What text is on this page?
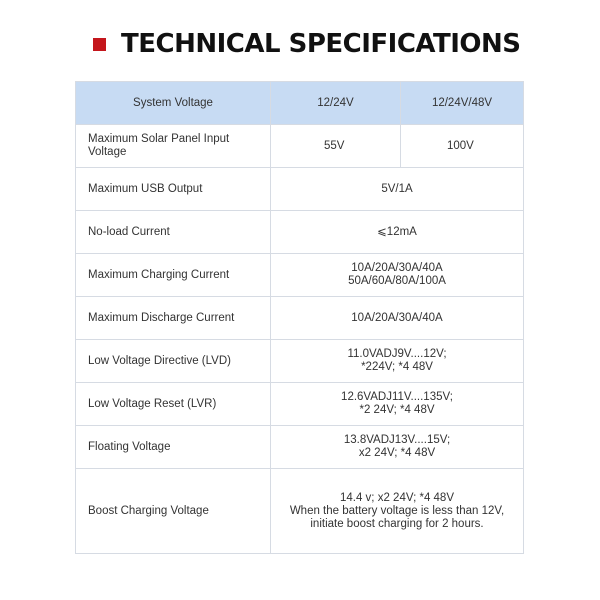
TECHNICAL SPECIFICATIONS
System Voltage	12/24V	12/24V/48V
Maximum Solar Panel Input Voltage	55V	100V
Maximum USB Output	5V/1A	
No-load Current	⩽12mA	
Maximum Charging Current	10A/20A/30A/40A
50A/60A/80A/100A	

Maximum Discharge Current	10A/20A/30A/40A	
Low Voltage Directive (LVD)	11.0VADJ9V....12V;
*224V; *4 48V	

Low Voltage Reset (LVR)	12.6VADJ11V....135V;
*2 24V; *4 48V	

Floating Voltage	13.8VADJ13V....15V;
x2 24V; *4 48V	

Boost Charging Voltage	14.4 v; x2 24V; *4 48V
When the battery voltage is less than 12V,
initiate boost charging for 2 hours.	
